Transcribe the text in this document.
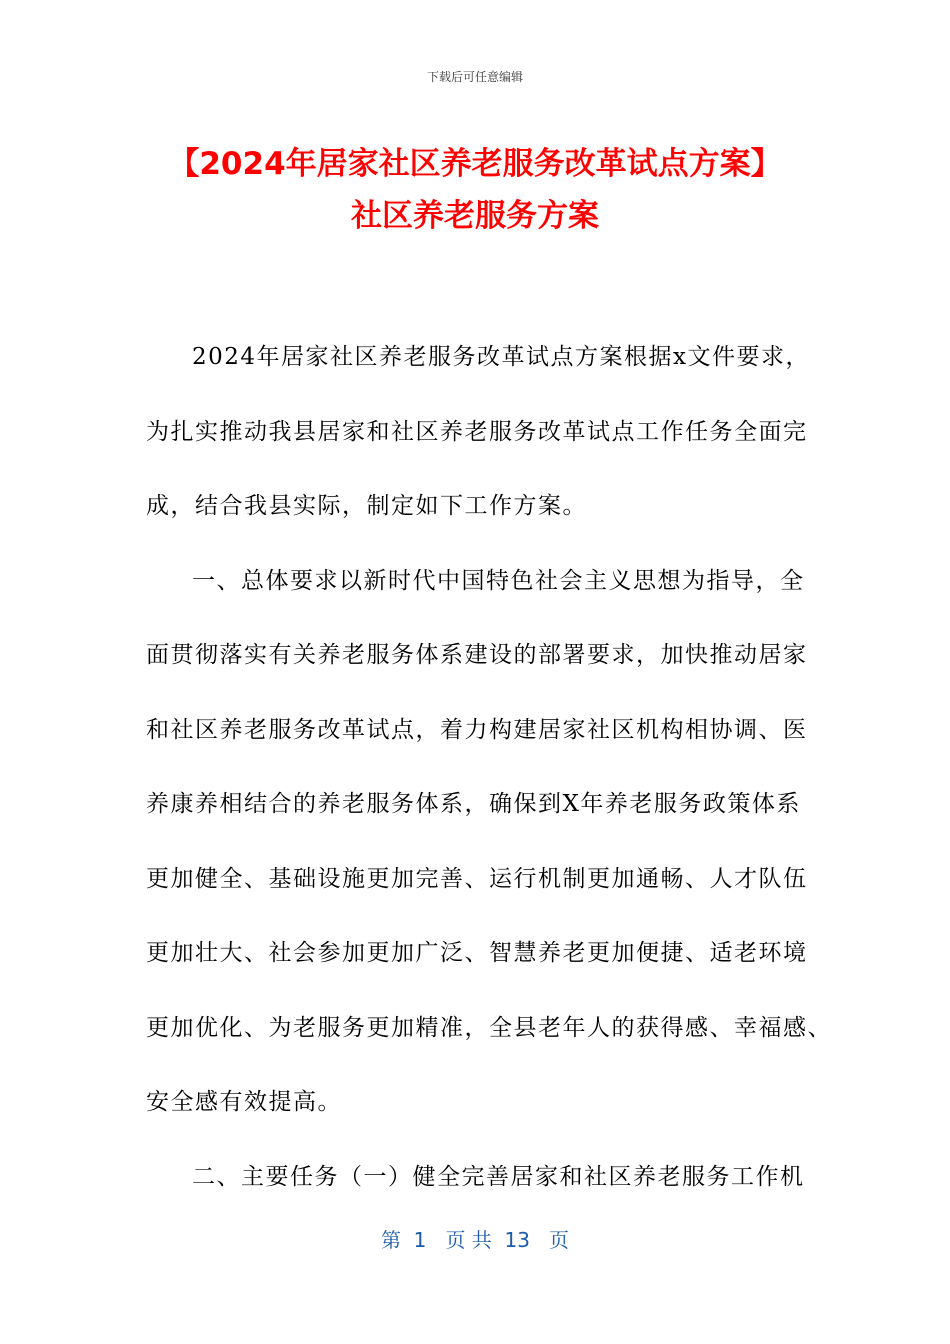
下载后可任意编辑
【2024年居家社区养老服务改革试点方案】
社区养老服务方案
2024年居家社区养老服务改革试点方案根据x文件要求，
为扎实推动我县居家和社区养老服务改革试点工作任务全面完
成，结合我县实际，制定如下工作方案。
一、总体要求以新时代中国特色社会主义思想为指导，全
面贯彻落实有关养老服务体系建设的部署要求，加快推动居家
和社区养老服务改革试点，着力构建居家社区机构相协调、医
养康养相结合的养老服务体系，确保到X年养老服务政策体系
更加健全、基础设施更加完善、运行机制更加通畅、人才队伍
更加壮大、社会参加更加广泛、智慧养老更加便捷、适老环境
更加优化、为老服务更加精准，全县老年人的获得感、幸福感、
安全感有效提高。
二、主要任务（一）健全完善居家和社区养老服务工作机
第  1   页 共  13   页
